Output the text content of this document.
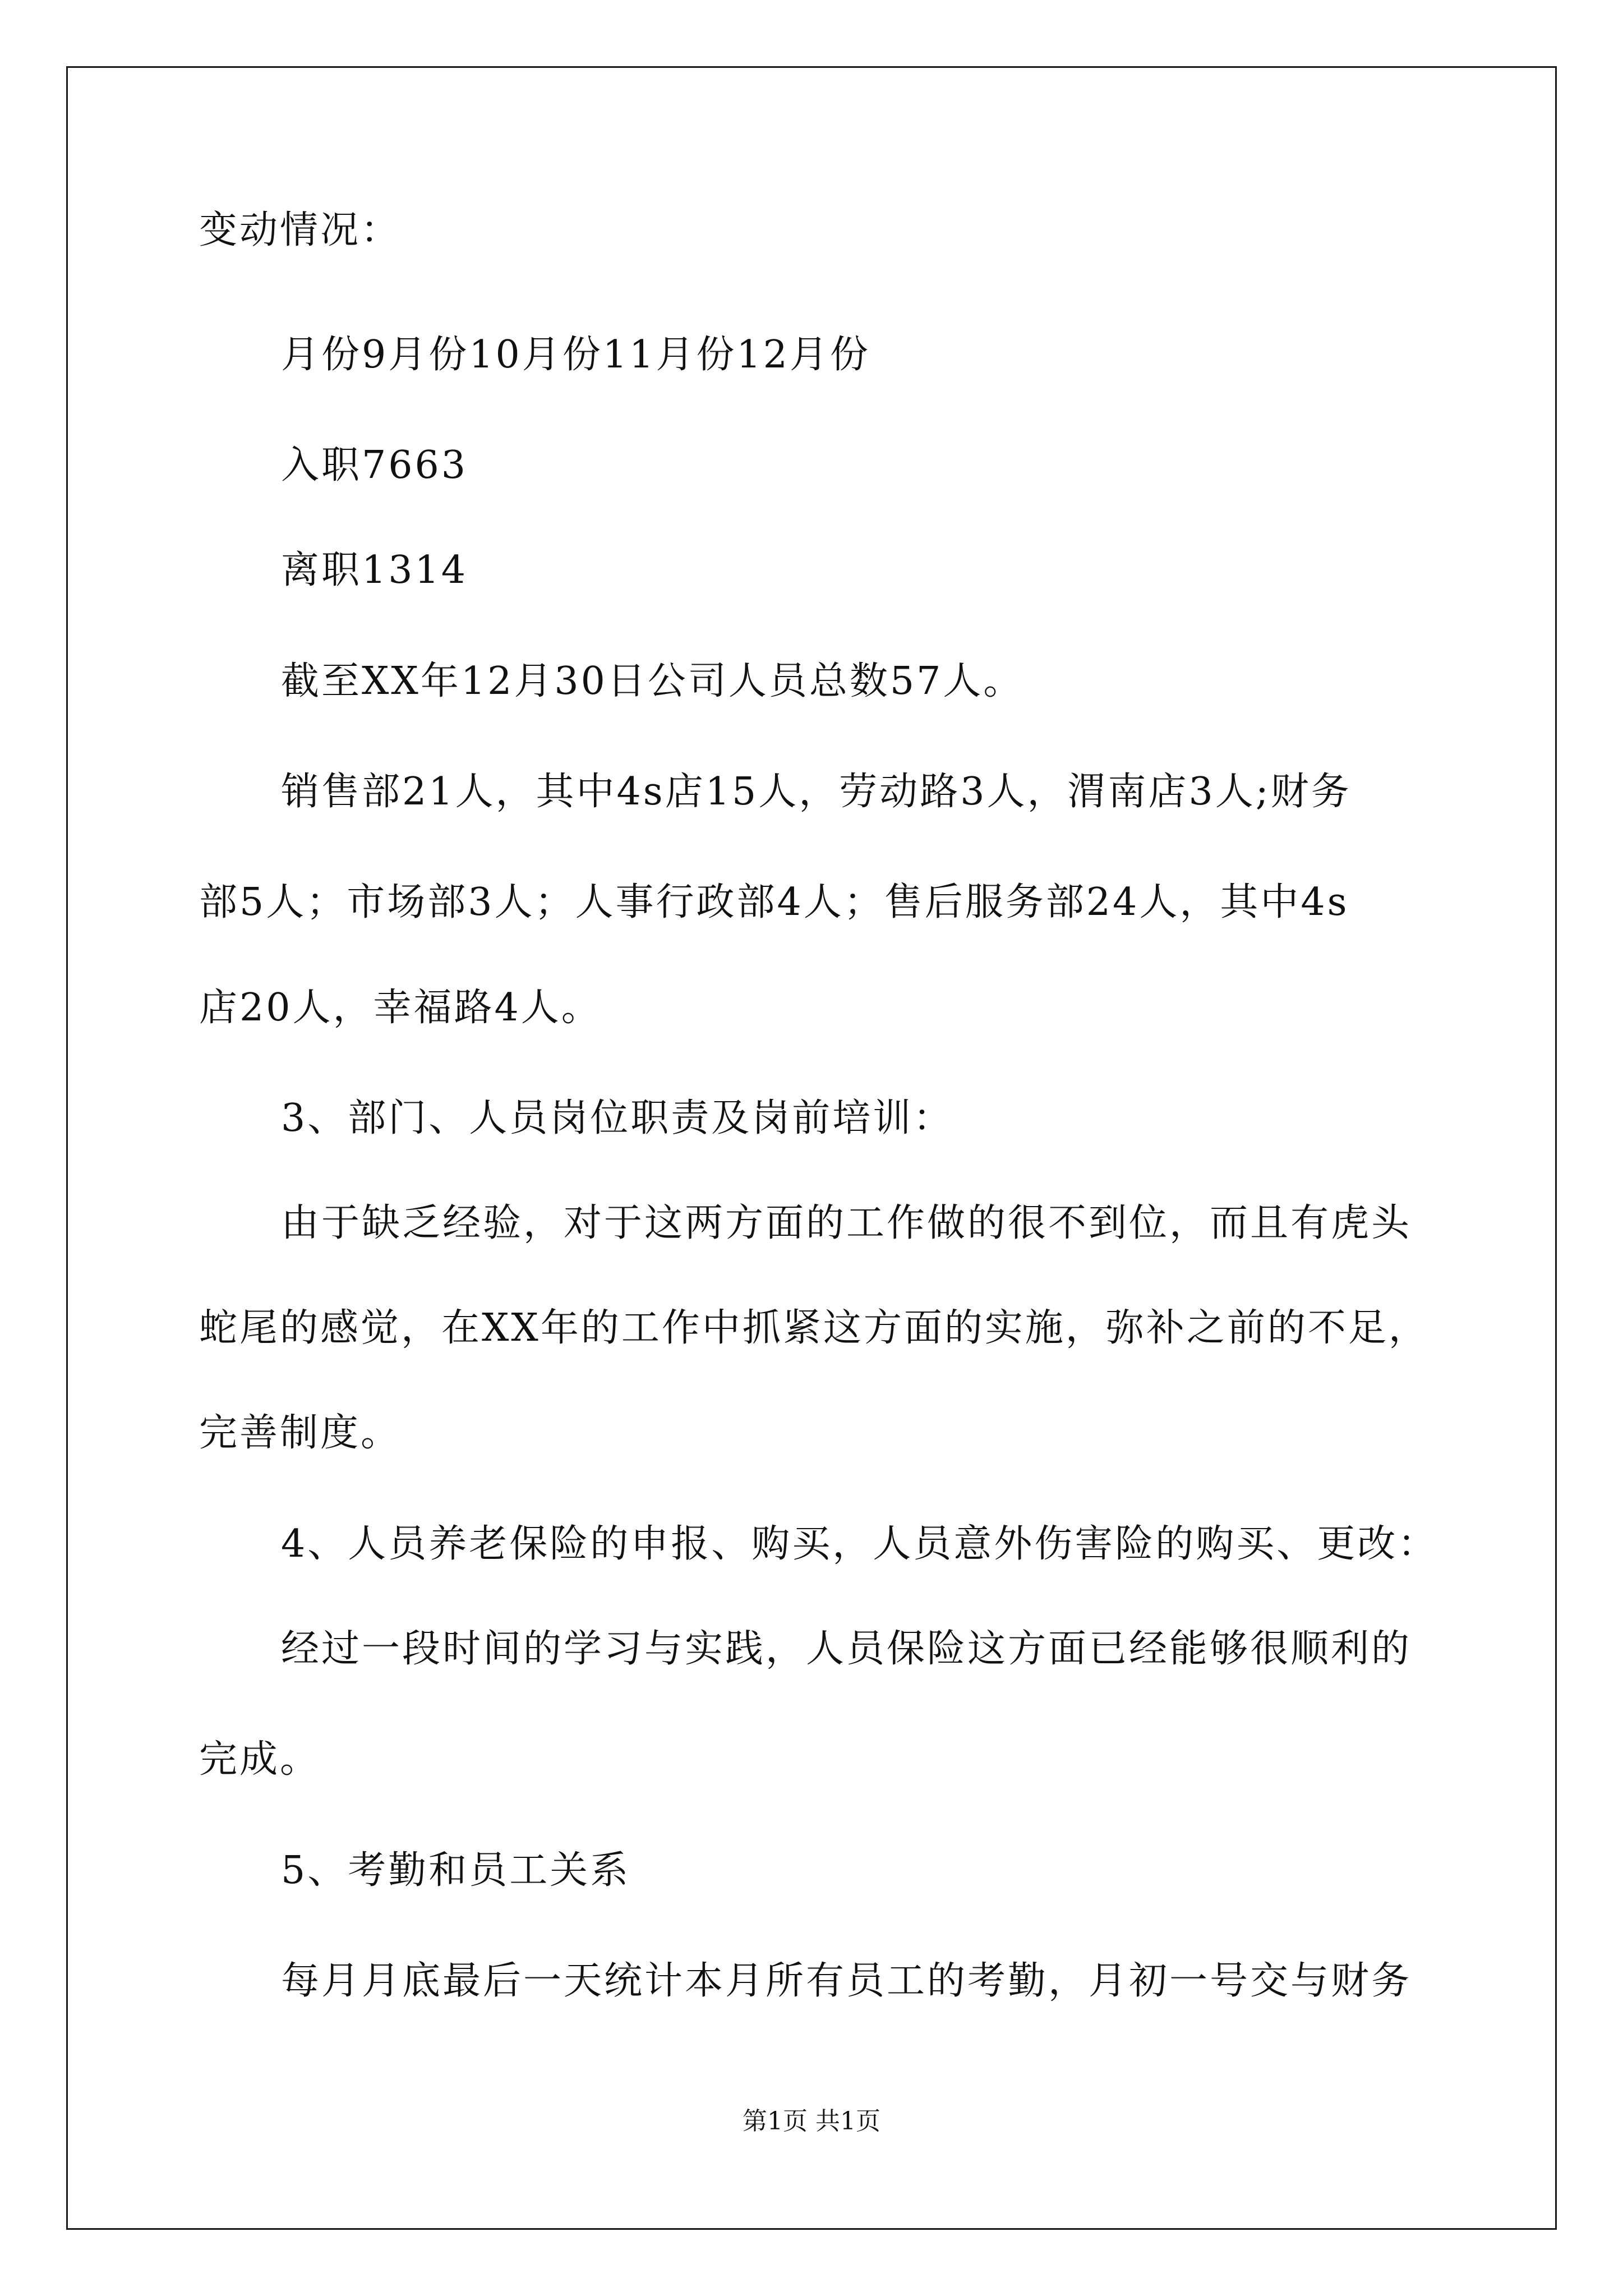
变动情况：
月份9月份10月份11月份12月份
入职7663
离职1314
截至XX年12月30日公司人员总数57人。
销售部21人，其中4s店15人，劳动路3人，渭南店3人;财务
部5人；市场部3人；人事行政部4人；售后服务部24人，其中4s
店20人，幸福路4人。
3、部门、人员岗位职责及岗前培训：
由于缺乏经验，对于这两方面的工作做的很不到位，而且有虎头
蛇尾的感觉，在XX年的工作中抓紧这方面的实施，弥补之前的不足，
完善制度。
4、人员养老保险的申报、购买，人员意外伤害险的购买、更改：
经过一段时间的学习与实践，人员保险这方面已经能够很顺利的
完成。
5、考勤和员工关系
每月月底最后一天统计本月所有员工的考勤，月初一号交与财务
第1页 共1页
